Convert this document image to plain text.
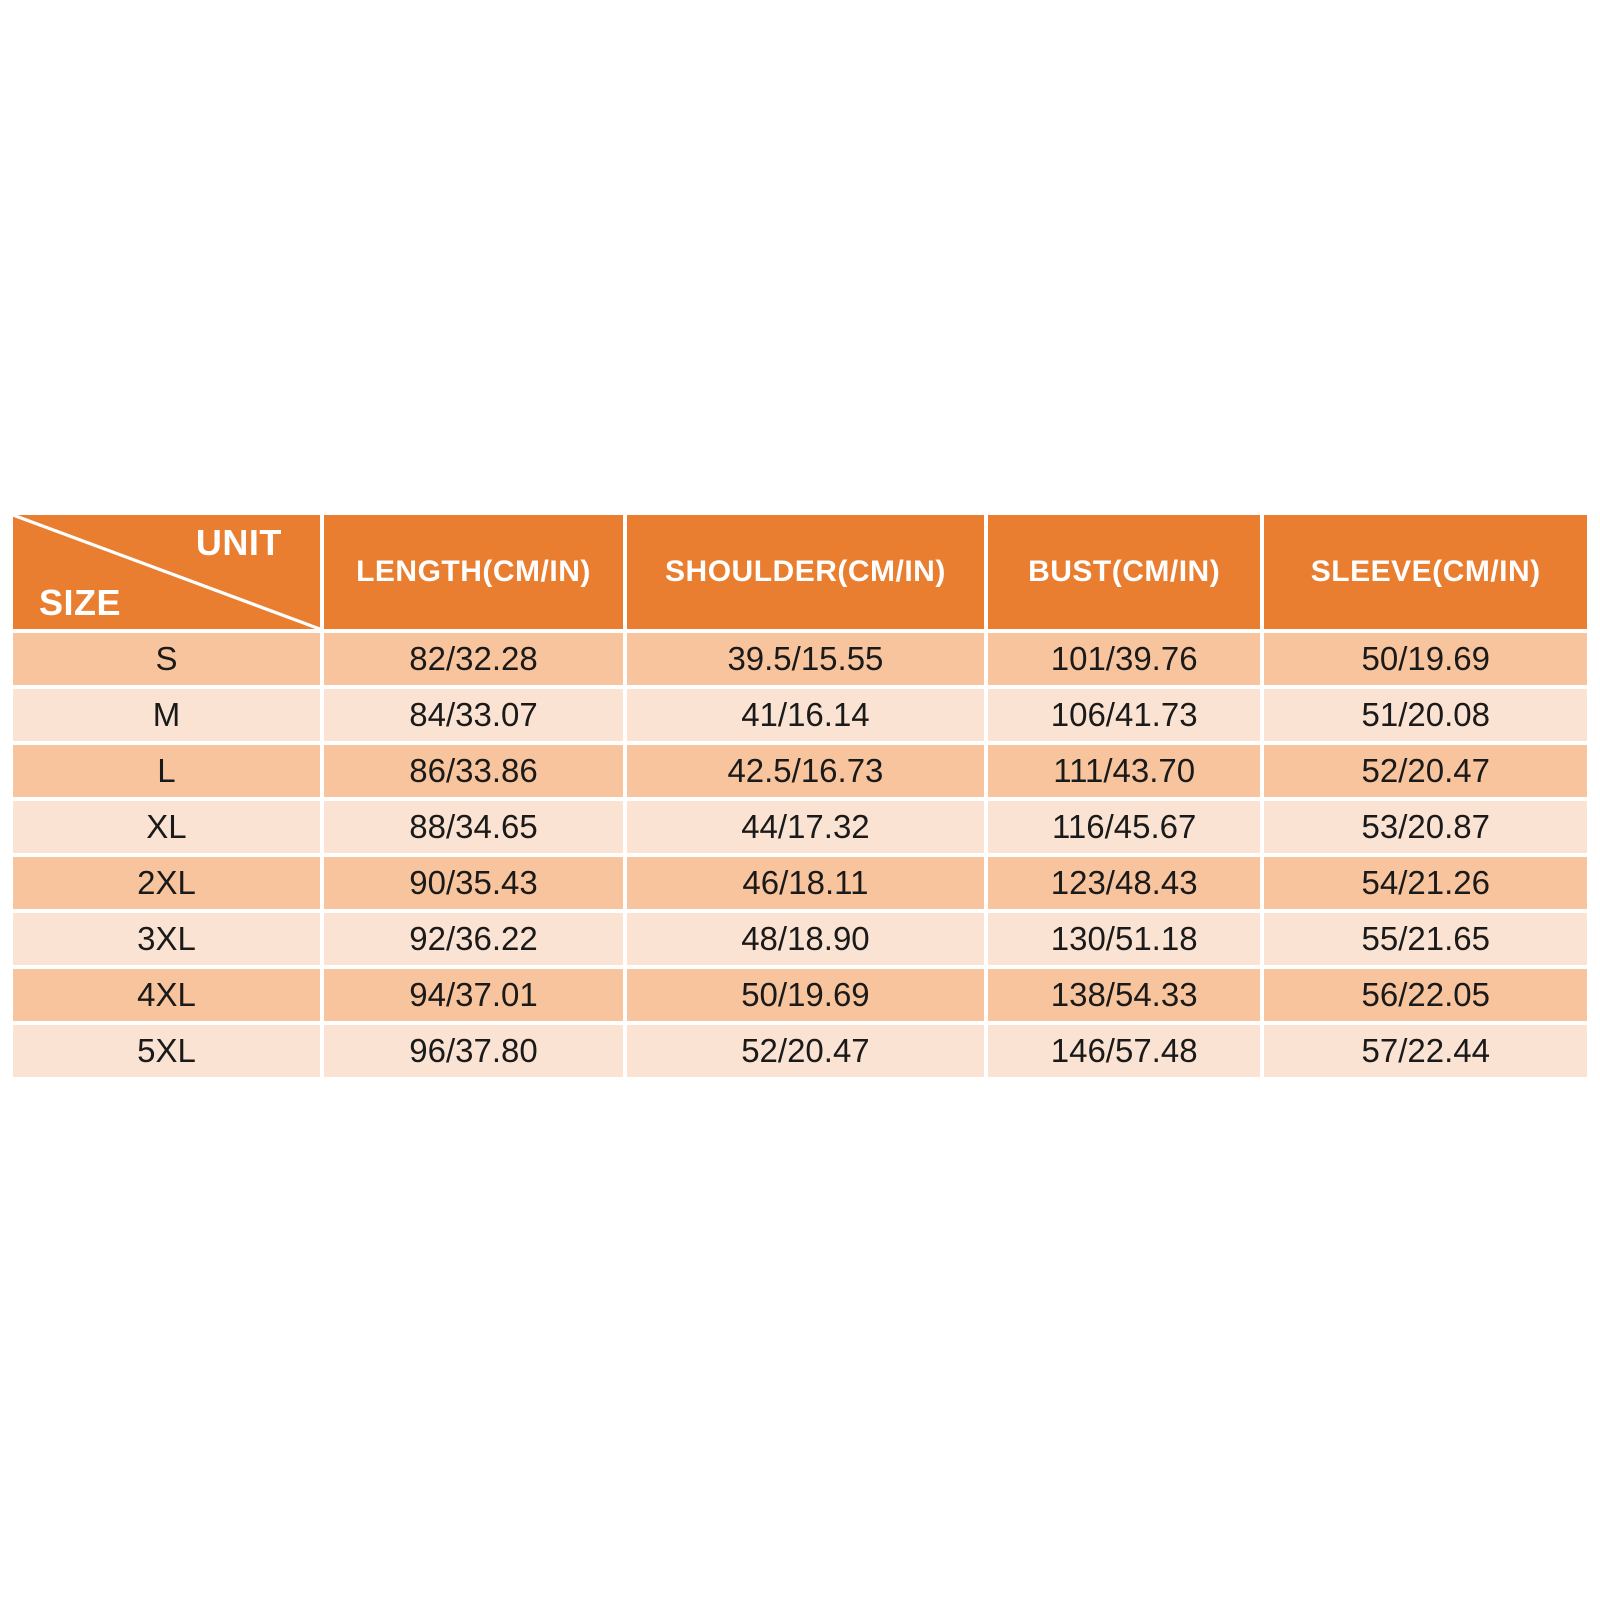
UNIT
SIZE	LENGTH(CM/IN)	SHOULDER(CM/IN)	BUST(CM/IN)	SLEEVE(CM/IN)
S	82/32.28	39.5/15.55	101/39.76	50/19.69
M	84/33.07	41/16.14	106/41.73	51/20.08
L	86/33.86	42.5/16.73	111/43.70	52/20.47
XL	88/34.65	44/17.32	116/45.67	53/20.87
2XL	90/35.43	46/18.11	123/48.43	54/21.26
3XL	92/36.22	48/18.90	130/51.18	55/21.65
4XL	94/37.01	50/19.69	138/54.33	56/22.05
5XL	96/37.80	52/20.47	146/57.48	57/22.44
